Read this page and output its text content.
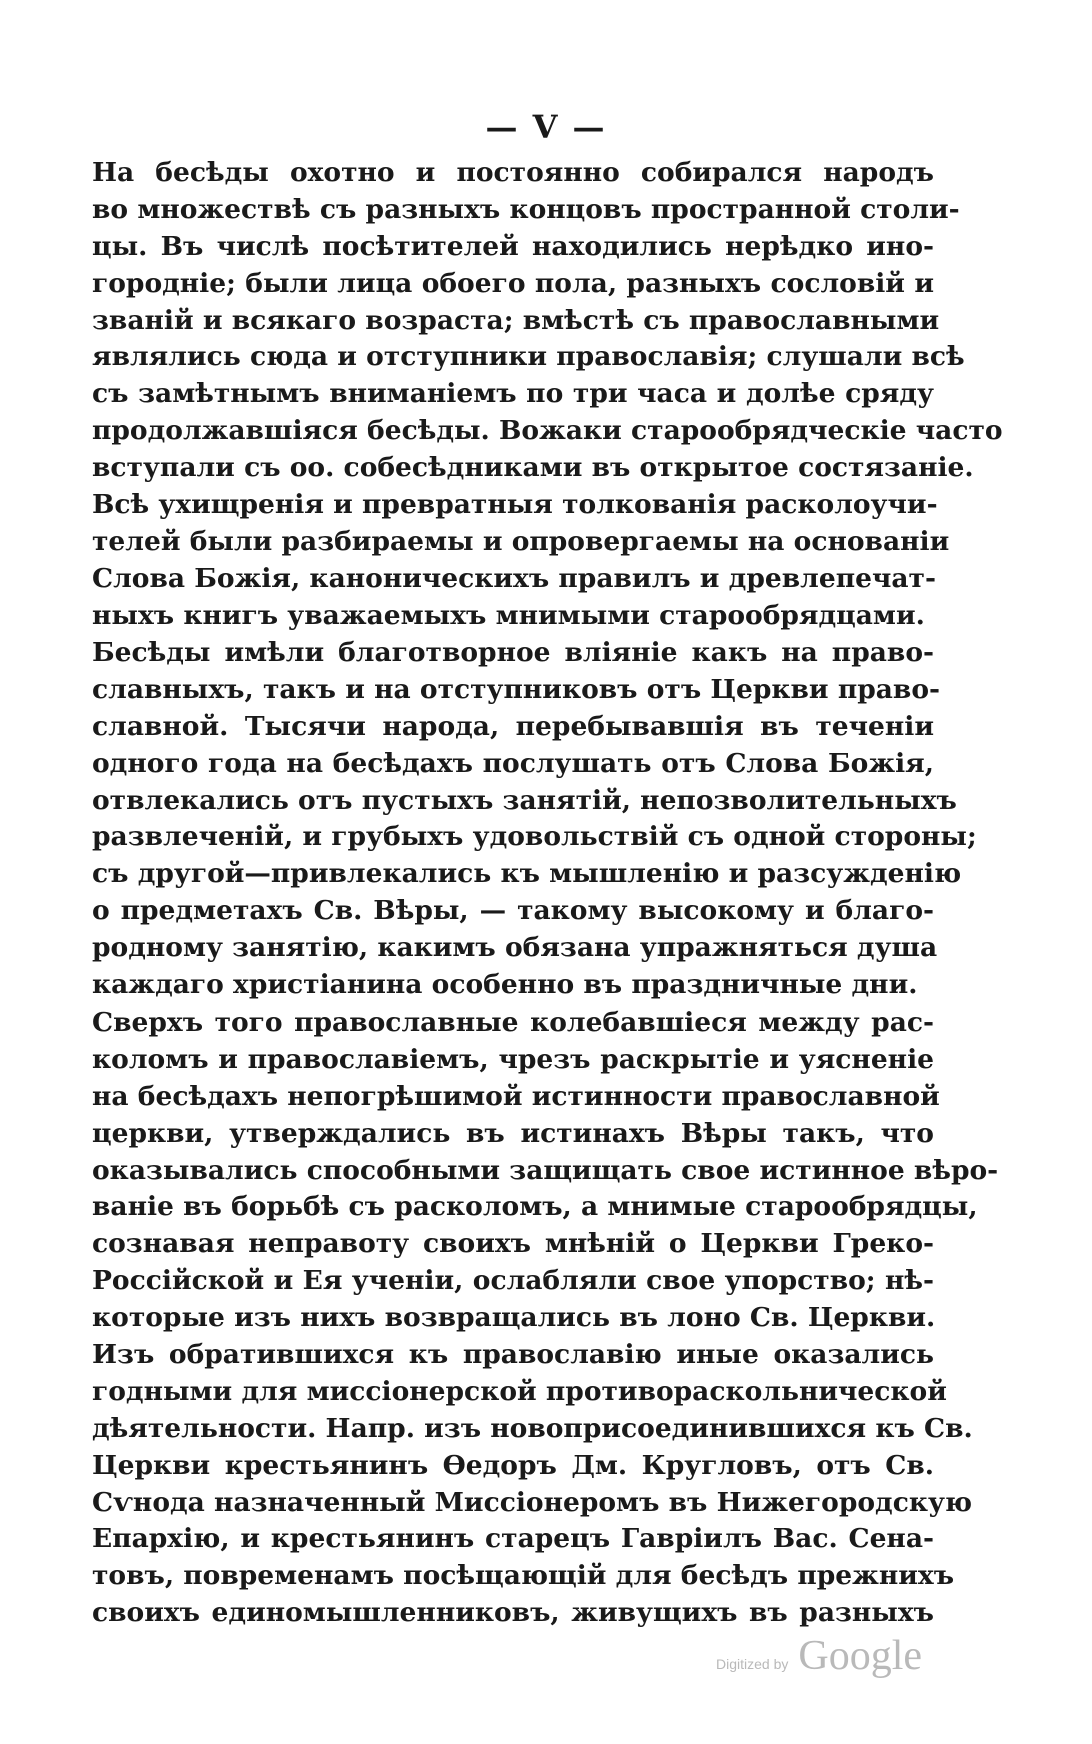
— V —
На бесѣды охотно и постоянно собирался народъ
во множествѣ съ разныхъ концовъ пространной столи-
цы. Въ числѣ посѣтителей находились нерѣдко ино-
городніе; были лица обоего пола, разныхъ сословій и
званій и всякаго возраста; вмѣстѣ съ православными
являлись сюда и отступники православія; слушали всѣ
съ замѣтнымъ вниманіемъ по три часа и долѣе сряду
продолжавшіяся бесѣды. Вожаки старообрядческіе часто
вступали съ оо. собесѣдниками въ открытое состязаніе.
Всѣ ухищренія и превратныя толкованія расколоучи-
телей были разбираемы и опровергаемы на основаніи
Слова Божія, каноническихъ правилъ и древлепечат-
ныхъ книгъ уважаемыхъ мнимыми старообрядцами.
Бесѣды имѣли благотворное вліяніе какъ на право-
славныхъ, такъ и на отступниковъ отъ Церкви право-
славной. Тысячи народа, перебывавшія въ теченіи
одного года на бесѣдахъ послушать отъ Слова Божія,
отвлекались отъ пустыхъ занятій, непозволительныхъ
развлеченій, и грубыхъ удовольствій съ одной стороны;
съ другой—привлекались къ мышленію и разсужденію
о предметахъ Св. Вѣры, — такому высокому и благо-
родному занятію, какимъ обязана упражняться душа
каждаго христіанина особенно въ праздничные дни.
Сверхъ того православные колебавшіеся между рас-
коломъ и православіемъ, чрезъ раскрытіе и уясненіе
на бесѣдахъ непогрѣшимой истинности православной
церкви, утверждались въ истинахъ Вѣры такъ, что
оказывались способными защищать свое истинное вѣро-
ваніе въ борьбѣ съ расколомъ, а мнимые старообрядцы,
сознавая неправоту своихъ мнѣній о Церкви Греко-
Россійской и Ея ученіи, ослабляли свое упорство; нѣ-
которые изъ нихъ возвращались въ лоно Св. Церкви.
Изъ обратившихся къ православію иные оказались
годными для миссіонерской противораскольнической
дѣятельности. Напр. изъ новоприсоединившихся къ Св.
Церкви крестьянинъ Ѳедоръ Дм. Кругловъ, отъ Св.
Сѵнода назначенный Миссіонеромъ въ Нижегородскую
Епархію, и крестьянинъ старецъ Гавріилъ Вас. Сена-
товъ, повременамъ посѣщающій для бесѣдъ прежнихъ
своихъ единомышленниковъ, живущихъ въ разныхъ
Digitized by Google
